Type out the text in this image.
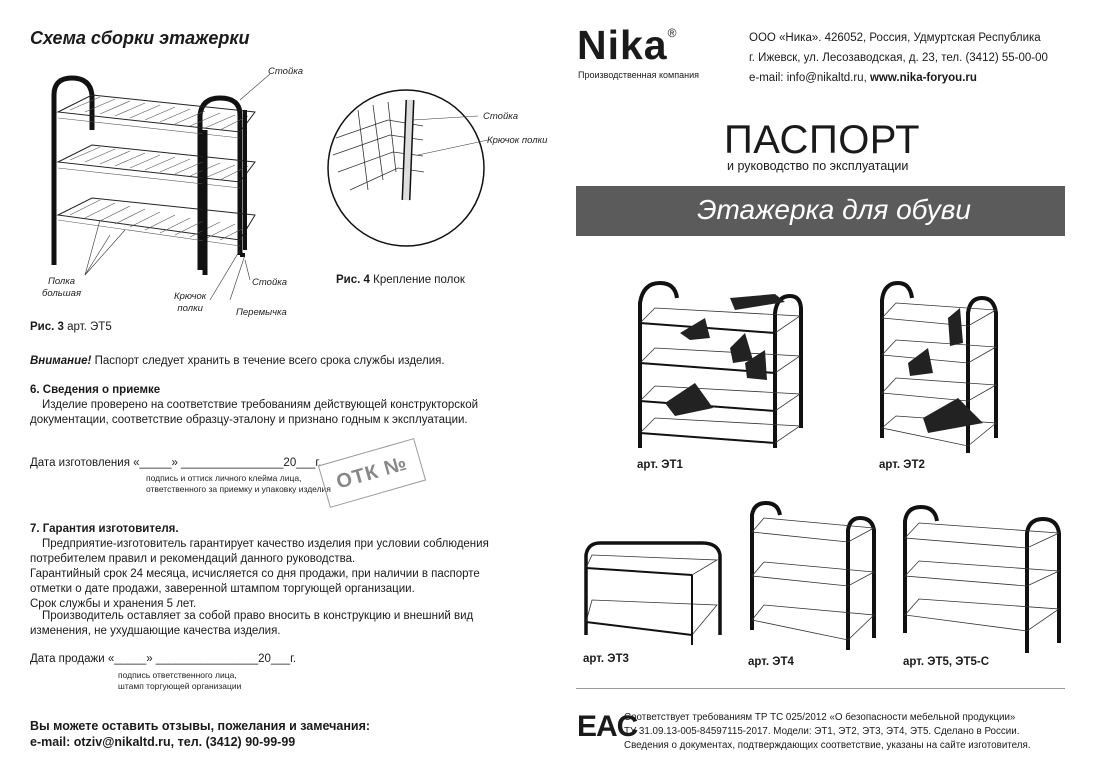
Схема сборки этажерки
Стойка
Полка
большая	Крючок
полки
Стойка
Перемычка
Рис. 3 арт. ЭТ5
Стойка
Крючок полки
Рис. 4 Крепление полок
Внимание! Паспорт следует хранить в течение всего срока службы изделия.
6. Сведения о приемке
Изделие проверено на соответствие требованиям действующей конструкторской
документации, соответствие образцу-эталону и признано годным к эксплуатации.
Дата изготовления «_____» ________________20___г.
подпись и оттиск личного клейма лица,
ответственного за приемку и упаковку изделия ОТК №
7. Гарантия изготовителя.
Предприятие-изготовитель гарантирует качество изделия при условии соблюдения
потребителем правил и рекомендаций данного руководства.
Гарантийный срок 24 месяца, исчисляется со дня продажи, при наличии в паспорте
отметки о дате продажи, заверенной штампом торгующей организации.
Срок службы и хранения 5 лет.
Производитель оставляет за собой право вносить в конструкцию и внешний вид
изменения, не ухудшающие качества изделия.
Дата продажи «_____» ________________20___г.
подпись ответственного лица,
штамп торгующей организации
Вы можете оставить отзывы, пожелания и замечания:
e-mail: otziv@nikaltd.ru, тел. (3412) 90-99-99
Nika®
Производственная компания
ООО «Ника». 426052, Россия, Удмуртская Республика
г. Ижевск, ул. Лесозаводская, д. 23, тел. (3412) 55-00-00
e-mail: info@nikaltd.ru, www.nika-foryou.ru
ПАСПОРТ
и руководство по эксплуатации
Этажерка для обуви
арт. ЭТ1	арт. ЭТ2
арт. ЭТ3	арт. ЭТ4	арт. ЭТ5, ЭТ5-С
EAC
Соответствует требованиям ТР ТС 025/2012 «О безопасности мебельной продукции»
ТУ 31.09.13-005-84597115-2017. Модели: ЭТ1, ЭТ2, ЭТ3, ЭТ4, ЭТ5. Сделано в России.
Сведения о документах, подтверждающих соответствие, указаны на сайте изготовителя.
